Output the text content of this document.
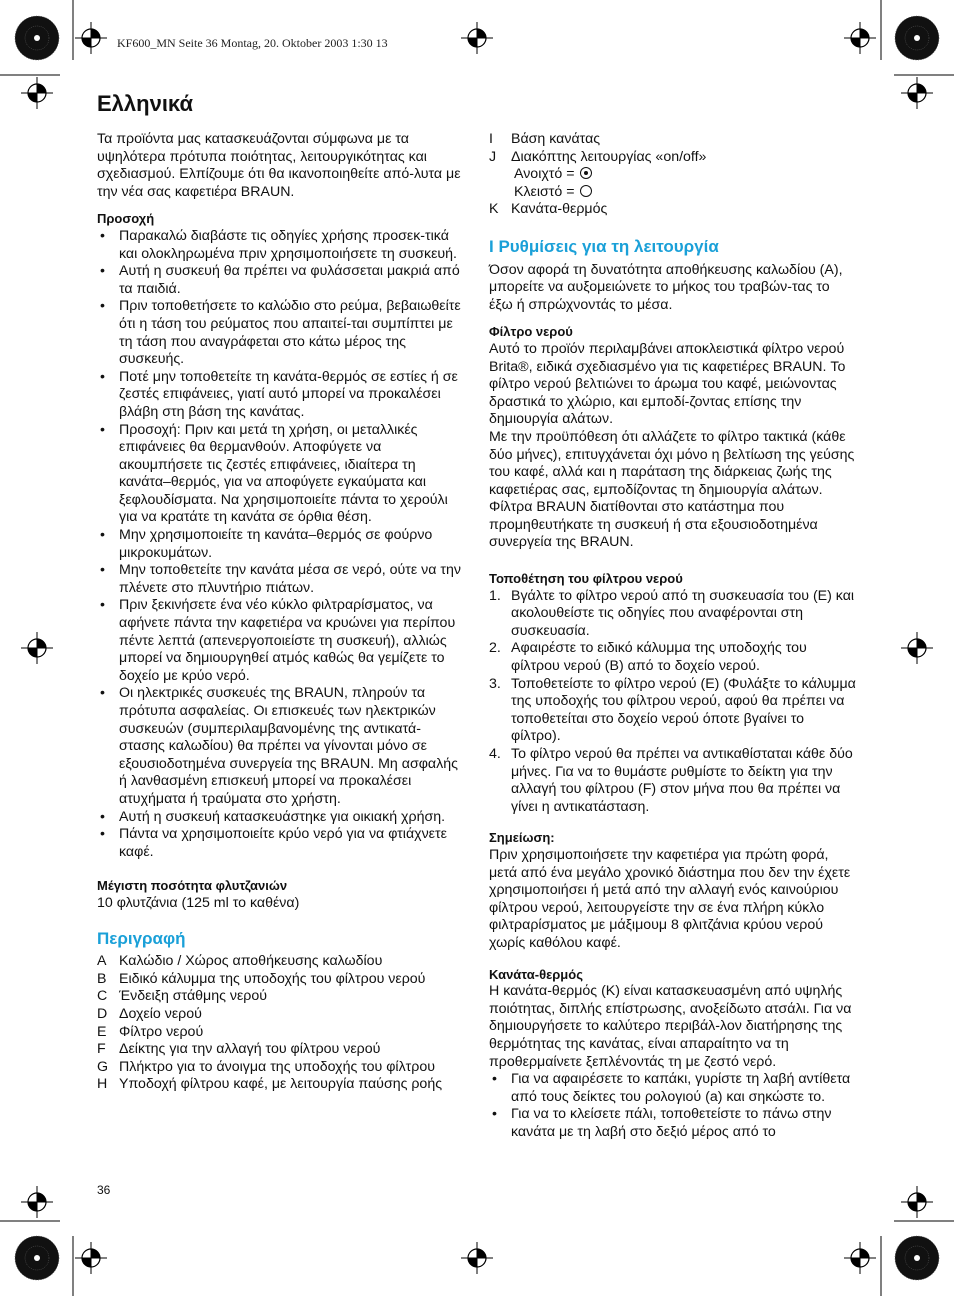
KF600_MN Seite 36 Montag, 20. Oktober 2003 1:30 13
Ελληνικά

Τα προϊόντα μας κατασκευάζονται σύμφωνα με τα υψηλότερα πρότυπα ποιότητας, λειτουργικότητας και σχεδιασμού. Ελπίζουμε ότι θα ικανοποιηθείτε από-λυτα με την νέα σας καφετιέρα BRAUN.

Προσοχή

• Παρακαλώ διαβάστε τις οδηγίες χρήσης προσεκ-τικά και ολοκληρωμένα πριν χρησιμοποιήσετε τη συσκευή.
• Αυτή η συσκευή θα πρέπει να φυλάσσεται μακριά από τα παιδιά.
• Πριν τοποθετήσετε το καλώδιο στο ρεύμα, βεβαιωθείτε ότι η τάση του ρεύματος που απαιτεί-ται συμπίπτει με τη τάση που αναγράφεται στο κάτω μέρος της συσκευής.
• Ποτέ μην τοποθετείτε τη κανάτα-θερμός σε εστίες ή σε ζεστές επιφάνειες, γιατί αυτό μπορεί να προκαλέσει βλάβη στη βάση της κανάτας.
• Προσοχή: Πριν και μετά τη χρήση, οι μεταλλικές επιφάνειες θα θερμανθούν. Αποφύγετε να ακουμπήσετε τις ζεστές επιφάνειες, ιδιαίτερα τη κανάτα–θερμός, για να αποφύγετε εγκαύματα και ξεφλουδίσματα. Να χρησιμοποιείτε πάντα το χερούλι για να κρατάτε τη κανάτα σε όρθια θέση.
• Μην χρησιμοποιείτε τη κανάτα–θερμός σε φούρνο μικροκυμάτων.
• Μην τοποθετείτε την κανάτα μέσα σε νερό, ούτε να την πλένετε στο πλυντήριο πιάτων.
• Πριν ξεκινήσετε ένα νέο κύκλο φιλτραρίσματος, να αφήνετε πάντα την καφετιέρα να κρυώνει για περίπου πέντε λεπτά (απενεργοποιείστε τη συσκευή), αλλιώς μπορεί να δημιουργηθεί ατμός καθώς θα γεμίζετε το δοχείο με κρύο νερό.
• Οι ηλεκτρικές συσκευές της BRAUN, πληρούν τα πρότυπα ασφαλείας. Οι επισκευές των ηλεκτρικών συσκευών (συμπεριλαμβανομένης της αντικατά-στασης καλωδίου) θα πρέπει να γίνονται μόνο σε εξουσιοδοτημένα συνεργεία της BRAUN. Μη ασφαλής ή λανθασμένη επισκευή μπορεί να προκαλέσει ατυχήματα ή τραύματα στο χρήστη.
• Αυτή η συσκευή κατασκευάστηκε για οικιακή χρήση.
• Πάντα να χρησιμοποιείτε κρύο νερό για να φτιάχνετε καφέ.

Μέγιστη ποσότητα φλυτζανιών

10 φλυτζάνια (125 ml το καθένα)

Περιγραφή
A Καλώδιο / Χώρος αποθήκευσης καλωδίου
B Ειδικό κάλυμμα της υποδοχής του φίλτρου νερού
C Ένδειξη στάθμης νερού
D Δοχείο νερού
E Φίλτρο νερού
F Δείκτης για την αλλαγή του φίλτρου νερού
G Πλήκτρο για το άνοιγμα της υποδοχής του φίλτρου
H Υποδοχή φίλτρου καφέ, με λειτουργία παύσης ροής
I Βάση κανάτας
J Διακόπτης λειτουργίας «on/off»
Ανοιχτό =
Κλειστό =
K Κανάτα-θερμός
I Ρυθμίσεις για τη λειτουργία

Όσον αφορά τη δυνατότητα αποθήκευσης καλωδίου (A), μπορείτε να αυξομειώνετε το μήκος του τραβών-τας το έξω ή σπρώχνοντάς το μέσα.

Φίλτρο νερού

Αυτό το προϊόν περιλαμβάνει αποκλειστικά φίλτρο νερού Brita®, ειδικά σχεδιασμένο για τις καφετιέρες BRAUN. Το φίλτρο νερού βελτιώνει το άρωμα του καφέ, μειώνοντας δραστικά το χλώριο, και εμποδί-ζοντας επίσης την δημιουργία αλάτων.

Με την προϋπόθεση ότι αλλάζετε το φίλτρο τακτικά (κάθε δύο μήνες), επιτυγχάνεται όχι μόνο η βελτίωση της γεύσης του καφέ, αλλά και η παράταση της διάρκειας ζωής της καφετιέρας σας, εμποδίζοντας τη δημιουργία αλάτων. Φίλτρα BRAUN διατίθονται στο κατάστημα που προμηθευτήκατε τη συσκευή ή στα εξουσιοδοτημένα συνεργεία της BRAUN.

Τοποθέτηση του φίλτρου νερού

1. Βγάλτε το φίλτρο νερού από τη συσκευασία του (E) και ακολουθείστε τις οδηγίες που αναφέρονται στη συσκευασία.
2. Αφαιρέστε το ειδικό κάλυμμα της υποδοχής του φίλτρου νερού (B) από το δοχείο νερού.
3. Τοποθετείστε το φίλτρο νερού (E) (Φυλάξτε το κάλυμμα της υποδοχής του φίλτρου νερού, αφού θα πρέπει να τοποθετείται στο δοχείο νερού όποτε βγαίνει το φίλτρο).
4. Το φίλτρο νερού θα πρέπει να αντικαθίσταται κάθε δύο μήνες. Για να το θυμάστε ρυθμίστε το δείκτη για την αλλαγή του φίλτρου (F) στον μήνα που θα πρέπει να γίνει η αντικατάσταση.

Σημείωση:

Πριν χρησιμοποιήσετε την καφετιέρα για πρώτη φορά, μετά από ένα μεγάλο χρονικό διάστημα που δεν την έχετε χρησιμοποιήσει ή μετά από την αλλαγή ενός καινούριου φίλτρου νερού, λειτουργείστε την σε ένα πλήρη κύκλο φιλτραρίσματος με μάξιμουμ 8 φλιτζάνια κρύου νερού χωρίς καθόλου καφέ.

Κανάτα-θερμός

Η κανάτα-θερμός (K) είναι κατασκευασμένη από υψηλής ποιότητας, διπλής επίστρωσης, ανοξείδωτο ατσάλι. Για να δημιουργήσετε το καλύτερο περιβάλ-λον διατήρησης της θερμότητας της κανάτας, είναι απαραίτητο να τη προθερμαίνετε ξεπλένοντάς τη με ζεστό νερό.

• Για να αφαιρέσετε το καπάκι, γυρίστε τη λαβή αντίθετα από τους δείκτες του ρολογιού (a) και σηκώστε το.
• Για να το κλείσετε πάλι, τοποθετείστε το πάνω στην κανάτα με τη λαβή στο δεξιό μέρος από το
36
